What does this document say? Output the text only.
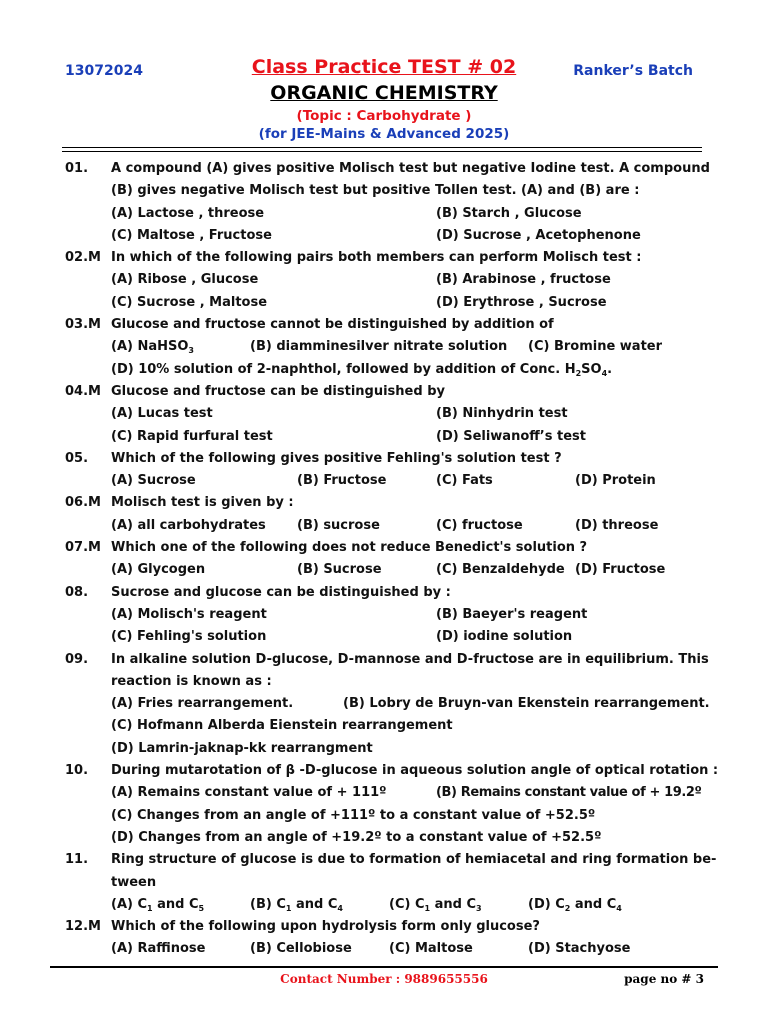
13072024	Class Practice TEST # 02	Ranker’s Batch
ORGANIC CHEMISTRY
(Topic : Carbohydrate )
(for JEE-Mains & Advanced 2025)
01. A compound (A) gives positive Molisch test but negative Iodine test. A compound
(B) gives negative Molisch test but positive Tollen test. (A) and (B) are :
(A) Lactose , threose	(B) Starch , Glucose
(C) Maltose , Fructose	(D) Sucrose , Acetophenone
02.M In which of the following pairs both members can perform Molisch test :
(A) Ribose , Glucose	(B) Arabinose , fructose
(C) Sucrose , Maltose	(D) Erythrose , Sucrose
03.M Glucose and fructose cannot be distinguished by addition of
(A) NaHSO$_3$	(B) diamminesilver nitrate solution (C) Bromine water
(D) 10% solution of 2-naphthol, followed by addition of Conc. $H_2SO_4$.
04.M Glucose and fructose can be distinguished by
(A) Lucas test	(B) Ninhydrin test
(C) Rapid furfural test	(D) Seliwanoff’s test
05. Which of the following gives positive Fehling's solution test ?
(A) Sucrose	(B) Fructose	(C) Fats	(D) Protein
06.M Molisch test is given by :
(A) all carbohydrates (B) sucrose	(C) fructose	(D) threose
07.M Which one of the following does not reduce Benedict's solution ?
(A) Glycogen	(B) Sucrose	(C) Benzaldehyde (D) Fructose
08. Sucrose and glucose can be distinguished by :
(A) Molisch's reagent	(B) Baeyer's reagent
(C) Fehling's solution	(D) iodine solution
09. In alkaline solution D-glucose, D-mannose and D-fructose are in equilibrium. This
reaction is known as :
(A) Fries rearrangement.	(B) Lobry de Bruyn-van Ekenstein rearrangement.
(C) Hofmann Alberda Eienstein rearrangement
(D) Lamrin-jaknap-kk rearrangment
10. During mutarotation of β -D-glucose in aqueous solution angle of optical rotation :
(A) Remains constant value of + 111º	(B) Remains constant value of + 19.2º
(C) Changes from an angle of +111º to a constant value of +52.5º
(D) Changes from an angle of +19.2º to a constant value of +52.5º
11. Ring structure of glucose is due to formation of hemiacetal and ring formation be-
tween
(A) $C_1$ and $C_5$	(B) $C_1$ and $C_4$	(C) $C_1$ and $C_3$	(D) $C_2$ and $C_4$
12.M Which of the following upon hydrolysis form only glucose?
(A) Raffinose	(B) Cellobiose	(C) Maltose	(D) Stachyose
Contact Number : 9889655556	page no # 3
